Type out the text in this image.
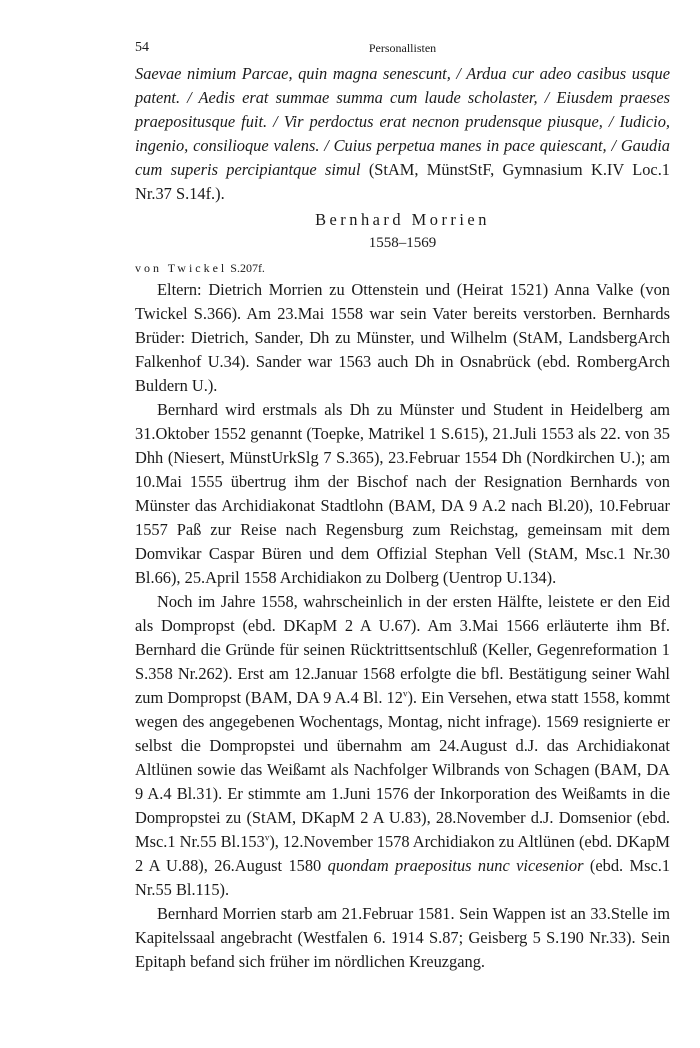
54	Personallisten

Saevae nimium Parcae, quin magna senescunt, / Ardua cur adeo casibus usque patent. / Aedis erat summae summa cum laude scholaster, / Eiusdem praeses praepositusque fuit. / Vir perdoctus erat necnon prudensque piusque, / Iudicio, ingenio, consilioque valens. / Cuius perpetua manes in pace quiescant, / Gaudia cum superis percipiantque simul (StAM, MünstStF, Gymnasium K.IV Loc.1 Nr.37 S.14f.).

Bernhard Morrien
1558–1569

von Twickel S.207f.

Eltern: Dietrich Morrien zu Ottenstein und (Heirat 1521) Anna Valke (von Twickel S.366). Am 23.Mai 1558 war sein Vater bereits verstorben. Bernhards Brüder: Dietrich, Sander, Dh zu Münster, und Wilhelm (StAM, LandsbergArch Falkenhof U.34). Sander war 1563 auch Dh in Osnabrück (ebd. RombergArch Buldern U.).

Bernhard wird erstmals als Dh zu Münster und Student in Heidelberg am 31.Oktober 1552 genannt (Toepke, Matrikel 1 S.615), 21.Juli 1553 als 22. von 35 Dhh (Niesert, MünstUrkSlg 7 S.365), 23.Februar 1554 Dh (Nordkirchen U.); am 10.Mai 1555 übertrug ihm der Bischof nach der Resignation Bernhards von Münster das Archidiakonat Stadtlohn (BAM, DA 9 A.2 nach Bl.20), 10.Februar 1557 Paß zur Reise nach Regensburg zum Reichstag, gemeinsam mit dem Domvikar Caspar Büren und dem Offizial Stephan Vell (StAM, Msc.1 Nr.30 Bl.66), 25.April 1558 Archidiakon zu Dolberg (Uentrop U.134).

Noch im Jahre 1558, wahrscheinlich in der ersten Hälfte, leistete er den Eid als Dompropst (ebd. DKapM 2 A U.67). Am 3.Mai 1566 erläuterte ihm Bf. Bernhard die Gründe für seinen Rücktrittsentschluß (Keller, Gegenreformation 1 S.358 Nr.262). Erst am 12.Januar 1568 erfolgte die bfl. Bestätigung seiner Wahl zum Dompropst (BAM, DA 9 A.4 Bl. 12$^v$). Ein Versehen, etwa statt 1558, kommt wegen des angegebenen Wochentags, Montag, nicht infrage). 1569 resignierte er selbst die Dompropstei und übernahm am 24.August d.J. das Archidiakonat Altlünen sowie das Weißamt als Nachfolger Wilbrands von Schagen (BAM, DA 9 A.4 Bl.31). Er stimmte am 1.Juni 1576 der Inkorporation des Weißamts in die Dompropstei zu (StAM, DKapM 2 A U.83), 28.November d.J. Domsenior (ebd. Msc.1 Nr.55 Bl.153$^v$), 12.November 1578 Archidiakon zu Altlünen (ebd. DKapM 2 A U.88), 26.August 1580 quondam praepositus nunc vicesenior (ebd. Msc.1 Nr.55 Bl.115).

Bernhard Morrien starb am 21.Februar 1581. Sein Wappen ist an 33.Stelle im Kapitelssaal angebracht (Westfalen 6. 1914 S.87; Geisberg 5 S.190 Nr.33). Sein Epitaph befand sich früher im nördlichen Kreuzgang.
